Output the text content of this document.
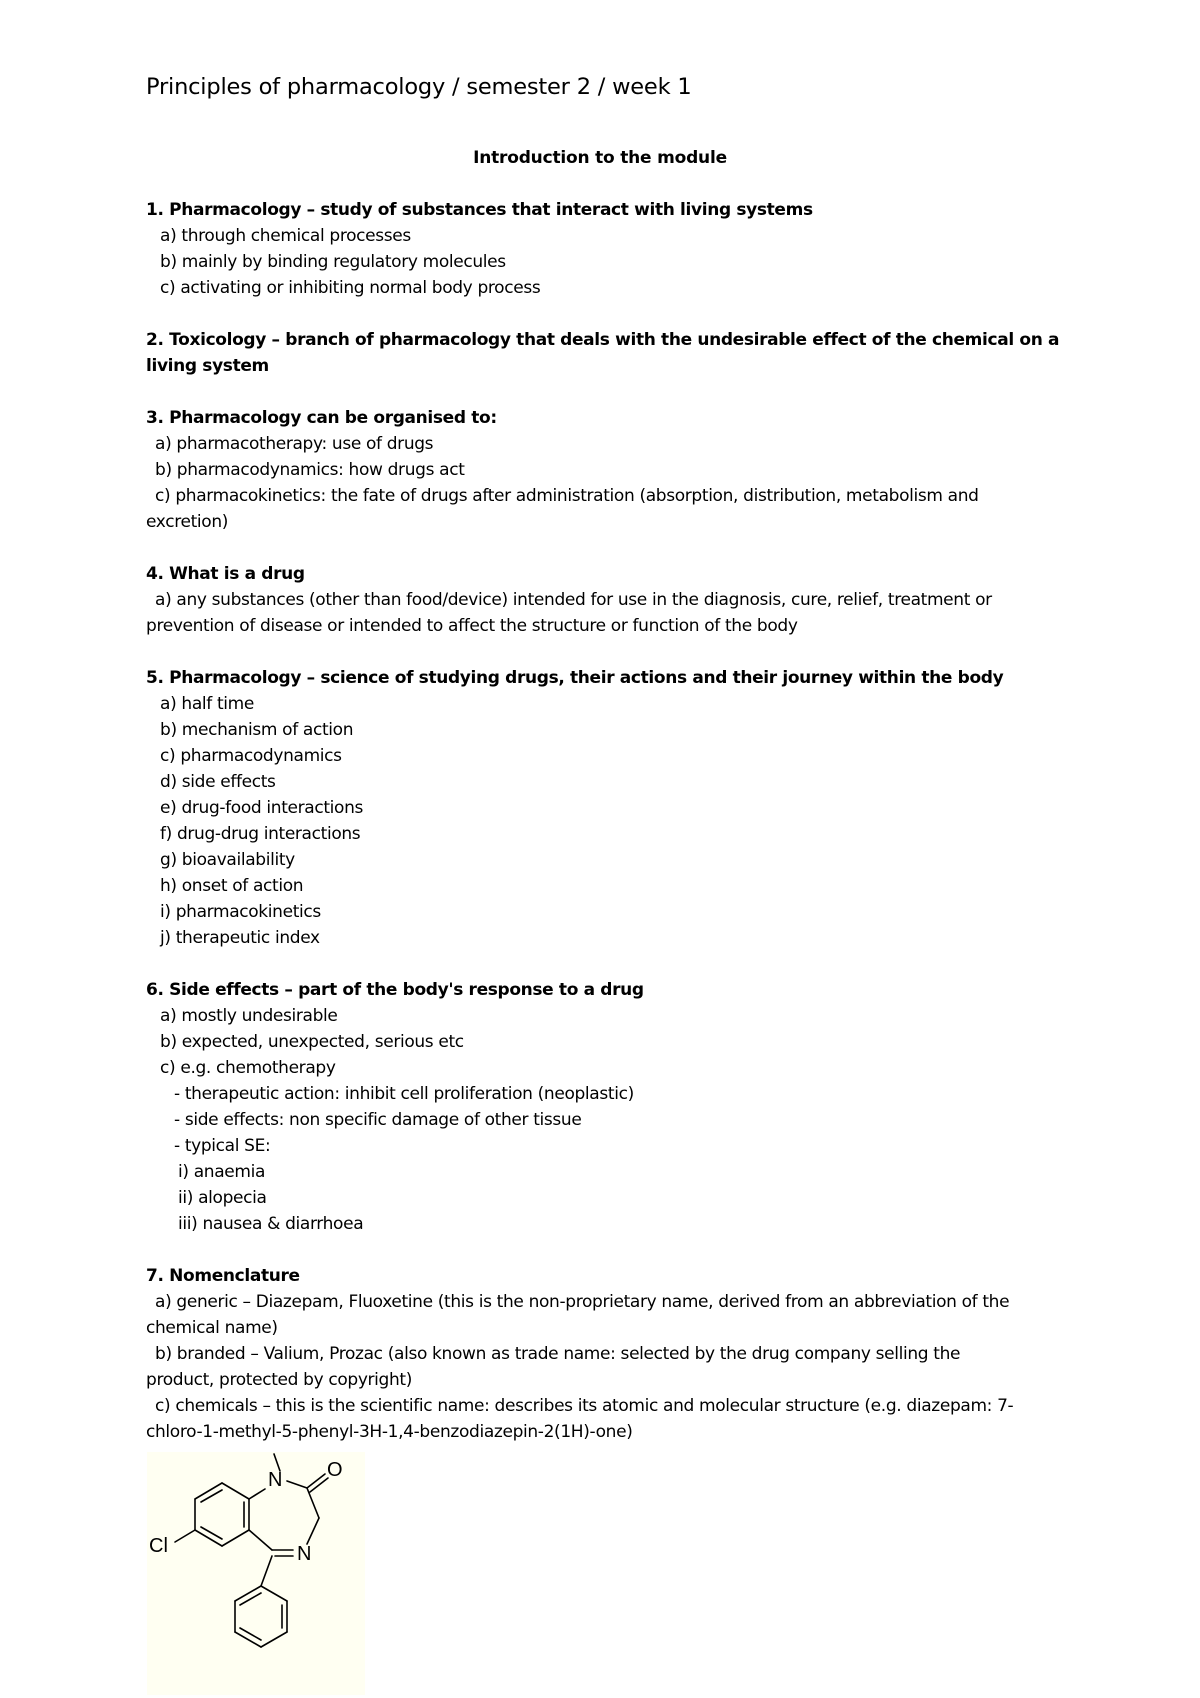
Principles of pharmacology / semester 2 / week 1
Introduction to the module
1. Pharmacology – study of substances that interact with living systems
a) through chemical processes
b) mainly by binding regulatory molecules
c) activating or inhibiting normal body process
2. Toxicology – branch of pharmacology that deals with the undesirable effect of the chemical on a
living system
3. Pharmacology can be organised to:
a) pharmacotherapy: use of drugs
b) pharmacodynamics: how drugs act
c) pharmacokinetics: the fate of drugs after administration (absorption, distribution, metabolism and
excretion)
4. What is a drug
a) any substances (other than food/device) intended for use in the diagnosis, cure, relief, treatment or
prevention of disease or intended to affect the structure or function of the body
5. Pharmacology – science of studying drugs, their actions and their journey within the body
a) half time
b) mechanism of action
c) pharmacodynamics
d) side effects
e) drug-food interactions
f) drug-drug interactions
g) bioavailability
h) onset of action
i) pharmacokinetics
j) therapeutic index
6. Side effects – part of the body's response to a drug
a) mostly undesirable
b) expected, unexpected, serious etc
c) e.g. chemotherapy
- therapeutic action: inhibit cell proliferation (neoplastic)
- side effects: non specific damage of other tissue
- typical SE:
i) anaemia
ii) alopecia
iii) nausea & diarrhoea
7. Nomenclature
a) generic – Diazepam, Fluoxetine (this is the non-proprietary name, derived from an abbreviation of the
chemical name)
b) branded – Valium, Prozac (also known as trade name: selected by the drug company selling the
product, protected by copyright)
c) chemicals – this is the scientific name: describes its atomic and molecular structure (e.g. diazepam: 7-
chloro-1-methyl-5-phenyl-3H-1,4-benzodiazepin-2(1H)-one)
N O
Cl	N
